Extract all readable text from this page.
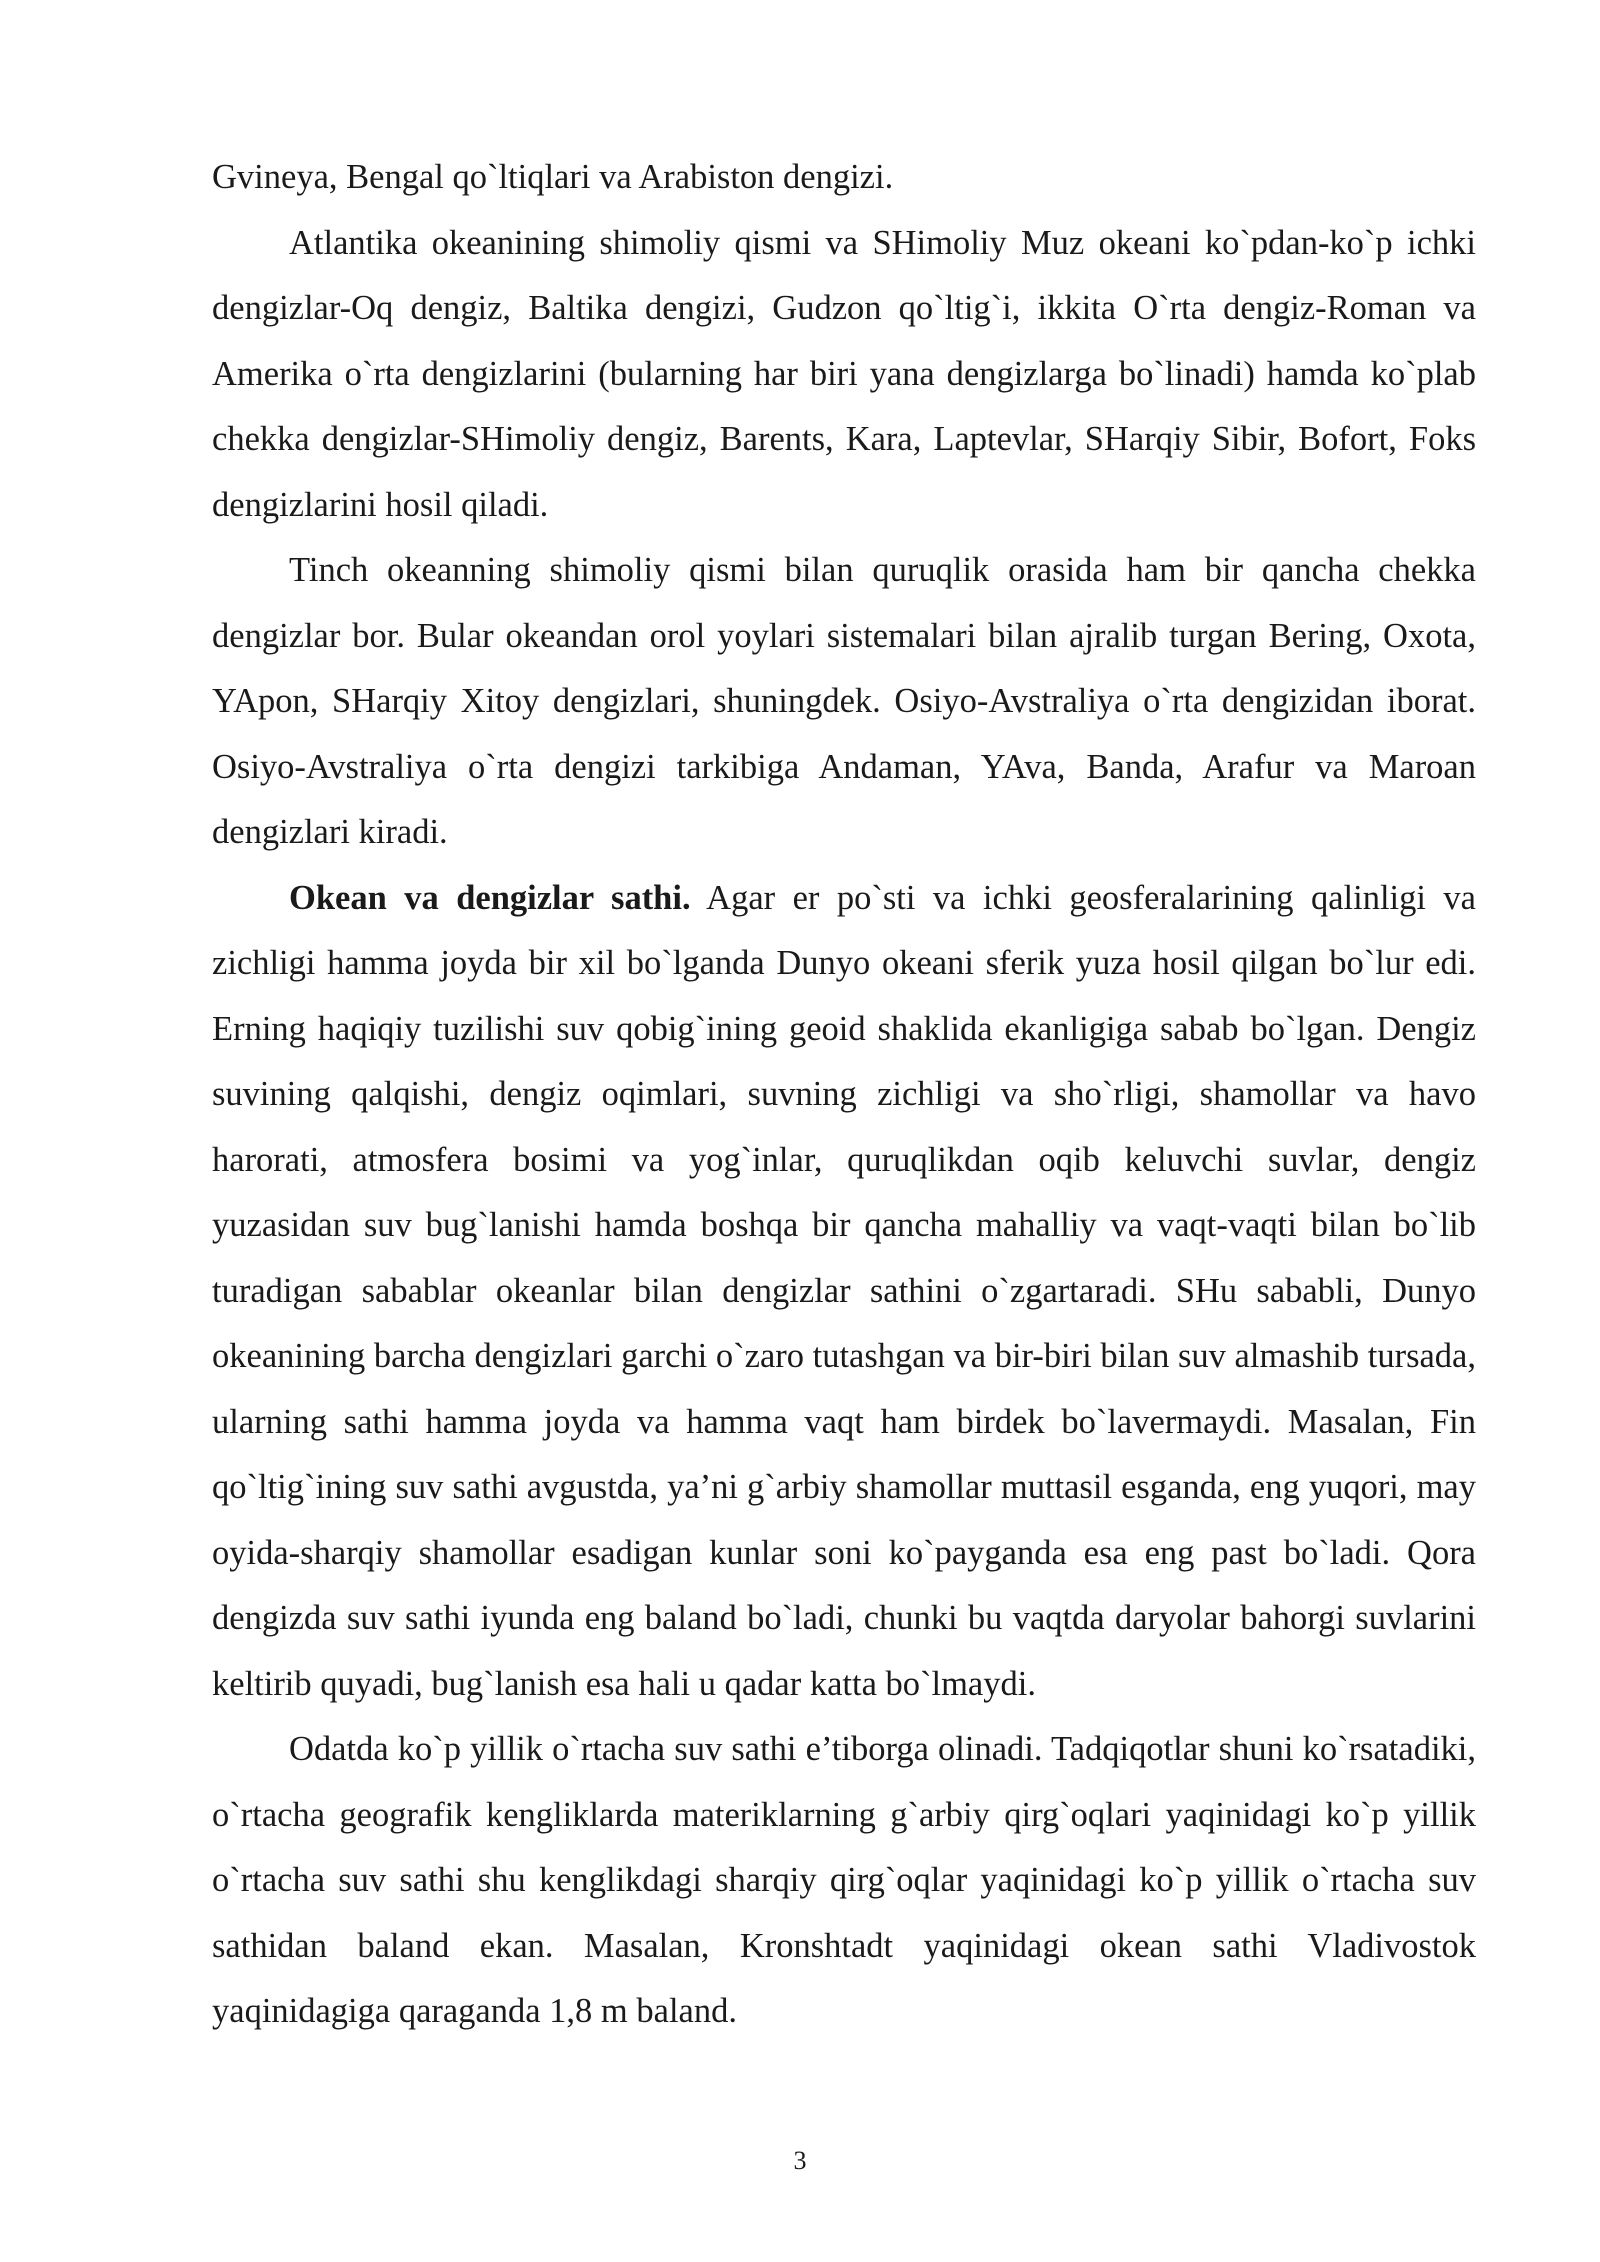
Gvineya, Bengal qo`ltiqlari va Arabiston dengizi.

Atlantika okeanining shimoliy qismi va SHimoliy Muz okeani ko`pdan-ko`p ichki dengizlar-Oq dengiz, Baltika dengizi, Gudzon qo`ltig`i, ikkita O`rta dengiz-Roman va Amerika o`rta dengizlarini (bularning har biri yana dengizlarga bo`linadi) hamda ko`plab chekka dengizlar-SHimoliy dengiz, Barents, Kara, Laptevlar, SHarqiy Sibir, Bofort, Foks dengizlarini hosil qiladi.

Tinch okeanning shimoliy qismi bilan quruqlik orasida ham bir qancha chekka dengizlar bor. Bular okeandan orol yoylari sistemalari bilan ajralib turgan Bering, Oxota, YApon, SHarqiy Xitoy dengizlari, shuningdek. Osiyo-Avstraliya o`rta dengizidan iborat. Osiyo-Avstraliya o`rta dengizi tarkibiga Andaman, YAva, Banda, Arafur va Maroan dengizlari kiradi.

Okean va dengizlar sathi. Agar er po`sti va ichki geosferalarining qalinligi va zichligi hamma joyda bir xil bo`lganda Dunyo okeani sferik yuza hosil qilgan bo`lur edi. Erning haqiqiy tuzilishi suv qobig`ining geoid shaklida ekanligiga sabab bo`lgan. Dengiz suvining qalqishi, dengiz oqimlari, suvning zichligi va sho`rligi, shamollar va havo harorati, atmosfera bosimi va yog`inlar, quruqlikdan oqib keluvchi suvlar, dengiz yuzasidan suv bug`lanishi hamda boshqa bir qancha mahalliy va vaqt-vaqti bilan bo`lib turadigan sabablar okeanlar bilan dengizlar sathini o`zgartaradi. SHu sababli, Dunyo okeanining barcha dengizlari garchi o`zaro tutashgan va bir-biri bilan suv almashib tursada, ularning sathi hamma joyda va hamma vaqt ham birdek bo`lavermaydi. Masalan, Fin qo`ltig`ining suv sathi avgustda, ya’ni g`arbiy shamollar muttasil esganda, eng yuqori, may oyida-sharqiy shamollar esadigan kunlar soni ko`payganda esa eng past bo`ladi. Qora dengizda suv sathi iyunda eng baland bo`ladi, chunki bu vaqtda daryolar bahorgi suvlarini keltirib quyadi, bug`lanish esa hali u qadar katta bo`lmaydi.

Odatda ko`p yillik o`rtacha suv sathi e’tiborga olinadi. Tadqiqotlar shuni ko`rsatadiki, o`rtacha geografik kengliklarda materiklarning g`arbiy qirg`oqlari yaqinidagi ko`p yillik o`rtacha suv sathi shu kenglikdagi sharqiy qirg`oqlar yaqinidagi ko`p yillik o`rtacha suv sathidan baland ekan. Masalan, Kronshtadt yaqinidagi okean sathi Vladivostok yaqinidagiga qaraganda 1,8 m baland.

3
